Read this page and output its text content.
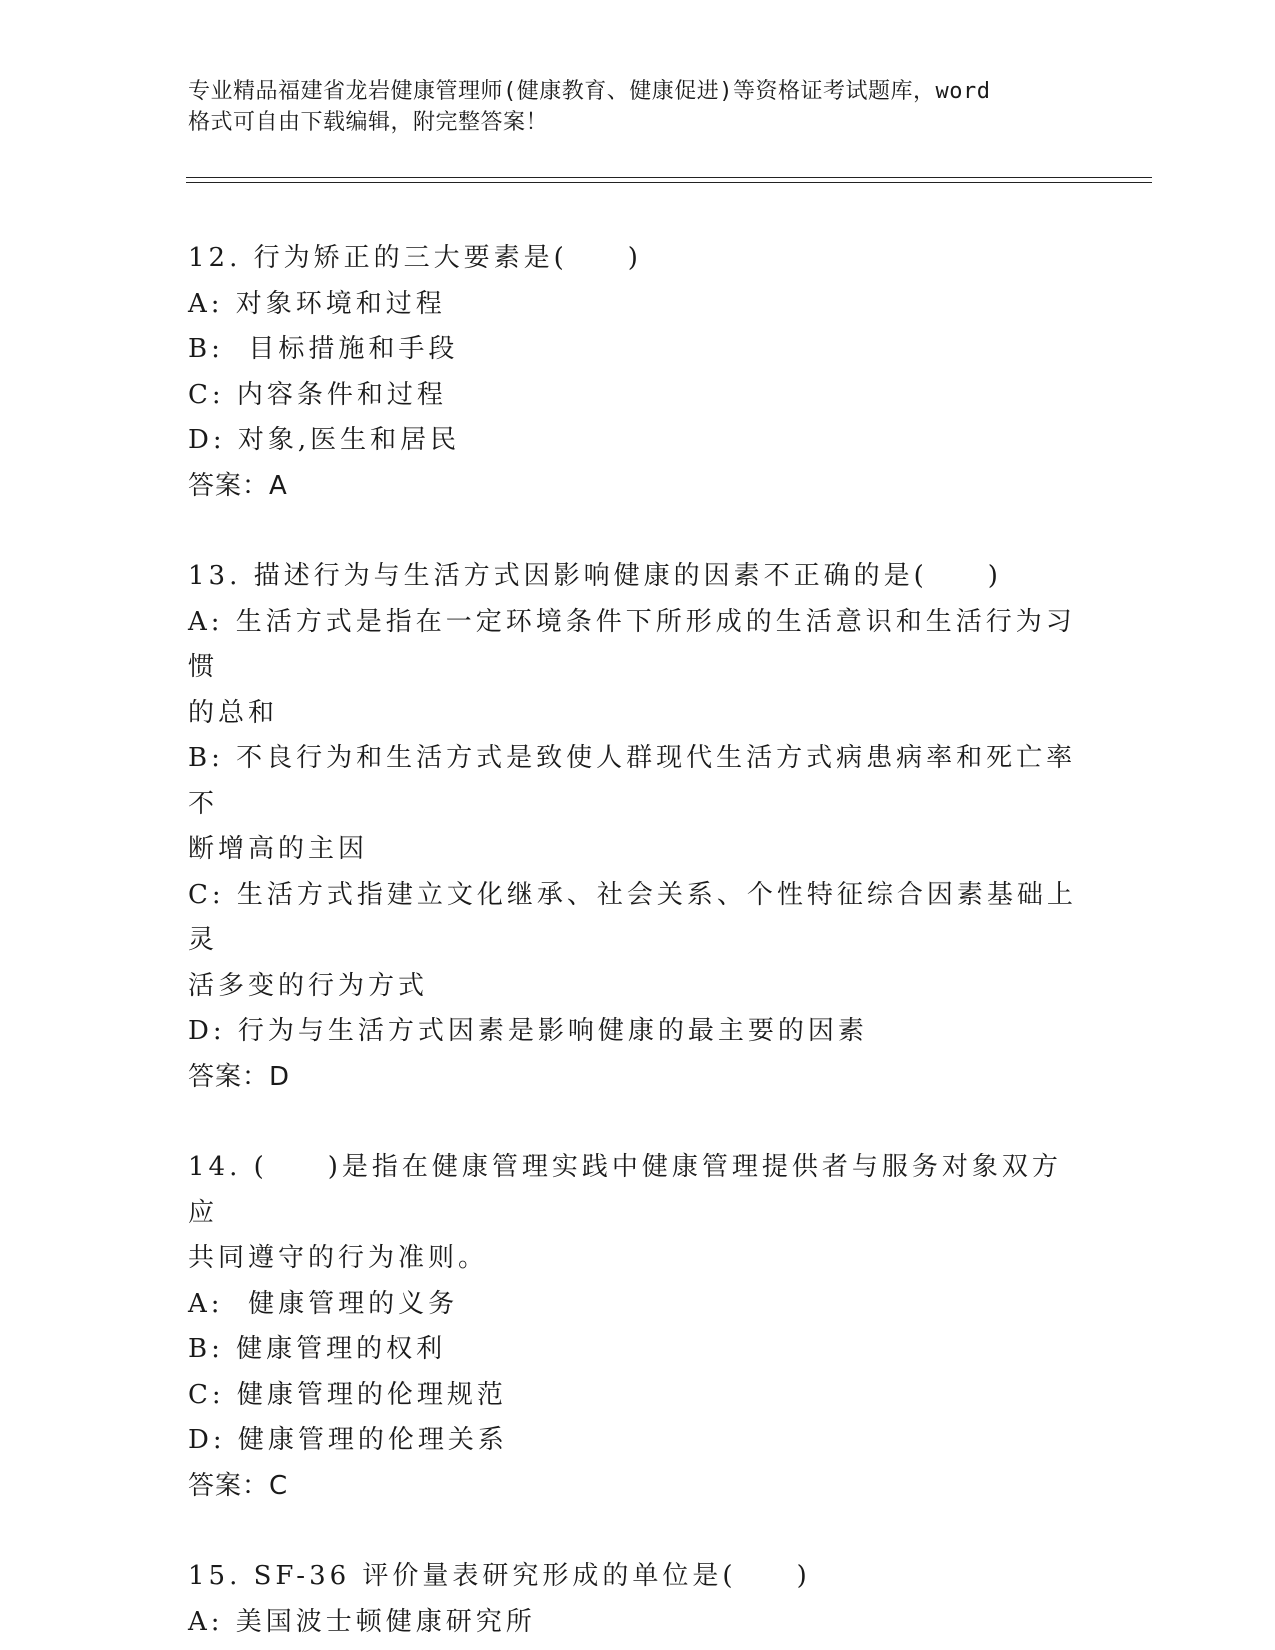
专业精品福建省龙岩健康管理师(健康教育、健康促进)等资格证考试题库，word
格式可自由下载编辑，附完整答案！
12. 行为矫正的三大要素是(　　)
A: 对象环境和过程
B:  目标措施和手段
C: 内容条件和过程
D: 对象,医生和居民
答案：A
13. 描述行为与生活方式因影响健康的因素不正确的是(　　)
A: 生活方式是指在一定环境条件下所形成的生活意识和生活行为习惯
的总和
B: 不良行为和生活方式是致使人群现代生活方式病患病率和死亡率不
断增高的主因
C: 生活方式指建立文化继承、社会关系、个性特征综合因素基础上灵
活多变的行为方式
D: 行为与生活方式因素是影响健康的最主要的因素
答案：D
14. (　　)是指在健康管理实践中健康管理提供者与服务对象双方应
共同遵守的行为准则。
A:  健康管理的义务
B: 健康管理的权利
C: 健康管理的伦理规范
D: 健康管理的伦理关系
答案：C
15. SF-36 评价量表研究形成的单位是(　　)
A: 美国波士顿健康研究所
